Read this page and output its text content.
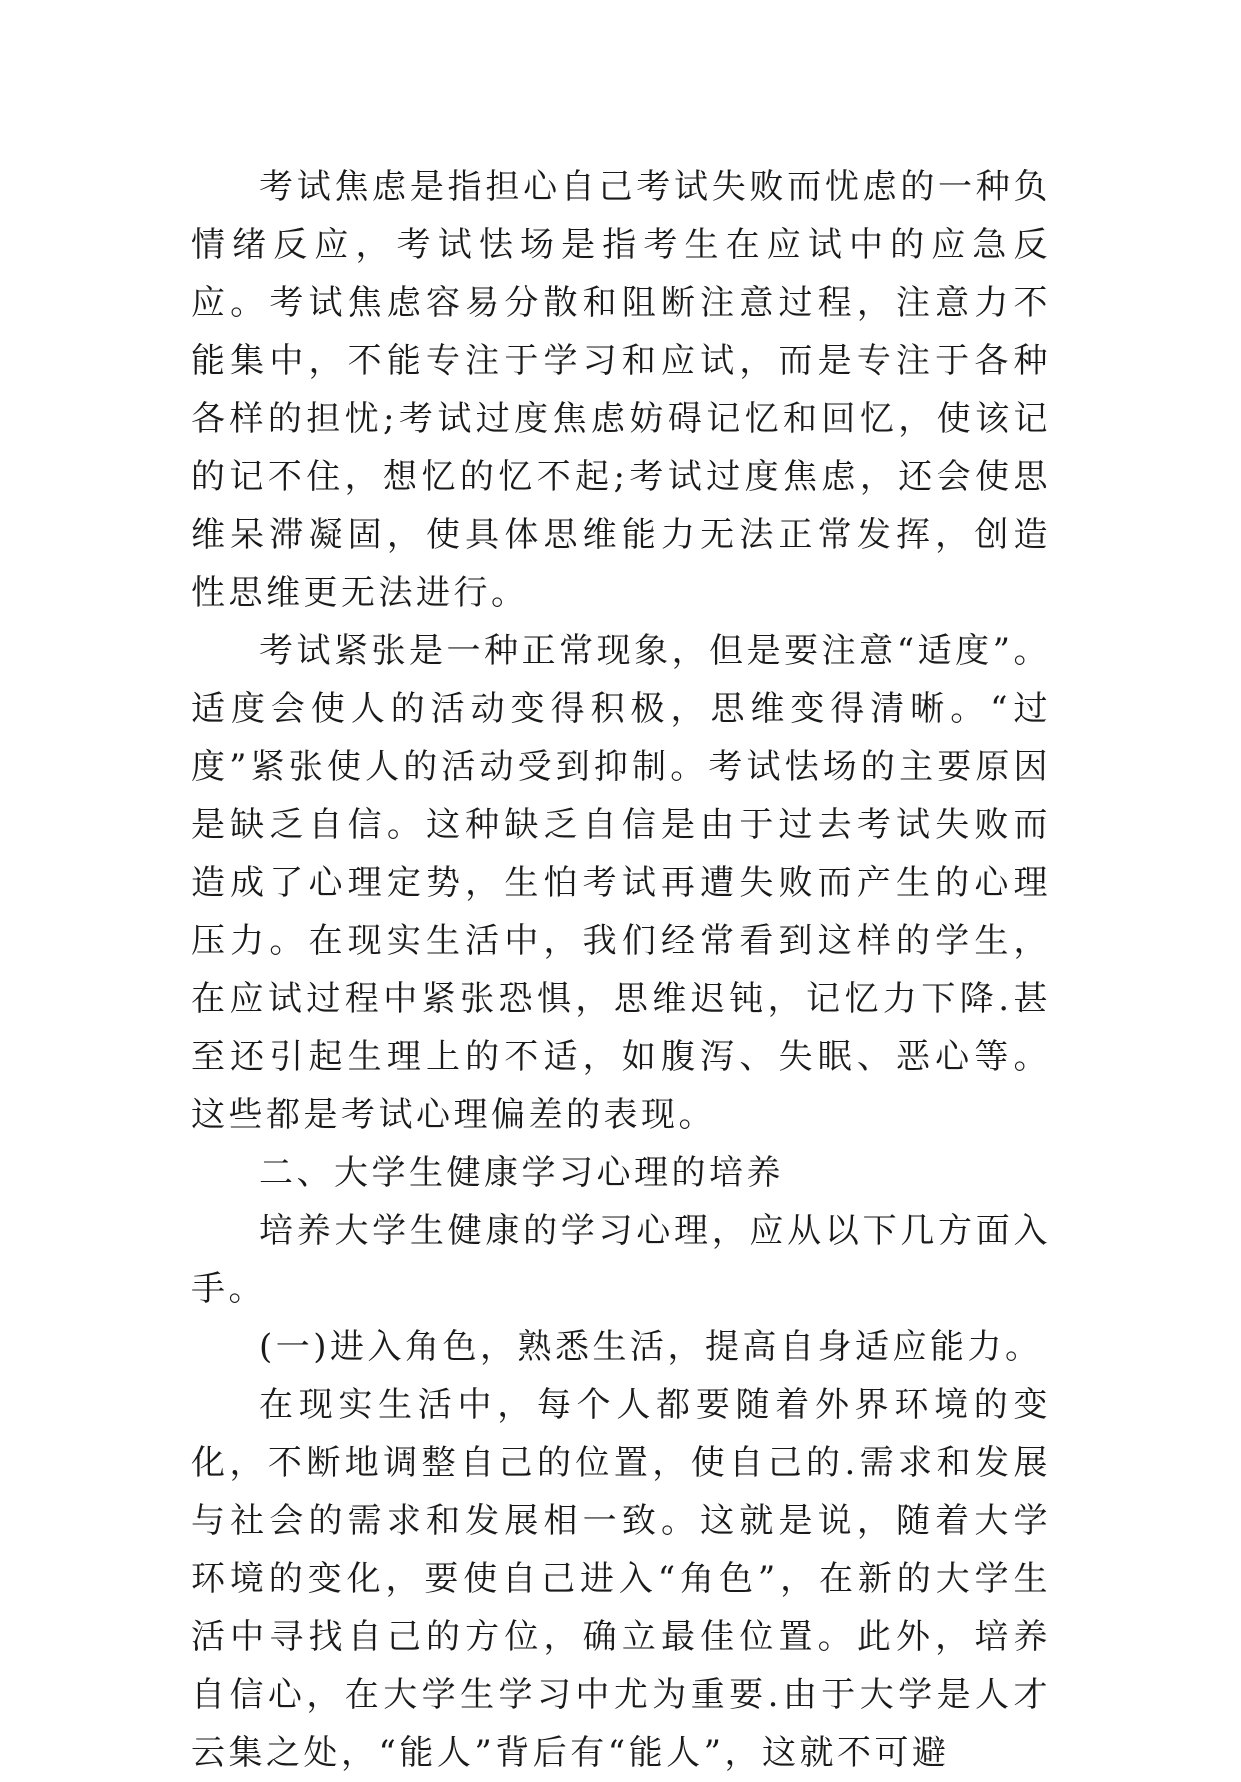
考试焦虑是指担心自己考试失败而忧虑的一种负情绪反应，考试怯场是指考生在应试中的应急反应。考试焦虑容易分散和阻断注意过程，注意力不能集中，不能专注于学习和应试，而是专注于各种各样的担忧;考试过度焦虑妨碍记忆和回忆，使该记的记不住，想忆的忆不起;考试过度焦虑，还会使思维呆滞凝固，使具体思维能力无法正常发挥，创造性思维更无法进行。

考试紧张是一种正常现象，但是要注意“适度”。适度会使人的活动变得积极，思维变得清晰。“过度”紧张使人的活动受到抑制。考试怯场的主要原因是缺乏自信。这种缺乏自信是由于过去考试失败而造成了心理定势，生怕考试再遭失败而产生的心理压力。在现实生活中，我们经常看到这样的学生，在应试过程中紧张恐惧，思维迟钝，记忆力下降.甚至还引起生理上的不适，如腹泻、失眠、恶心等。这些都是考试心理偏差的表现。

二、大学生健康学习心理的培养

培养大学生健康的学习心理，应从以下几方面入手。

(一)进入角色，熟悉生活，提高自身适应能力。

在现实生活中，每个人都要随着外界环境的变化，不断地调整自己的位置，使自己的.需求和发展与社会的需求和发展相一致。这就是说，随着大学环境的变化，要使自己进入“角色”，在新的大学生活中寻找自己的方位，确立最佳位置。此外，培养自信心，在大学生学习中尤为重要.由于大学是人才云集之处，“能人”背后有“能人”，这就不可避
